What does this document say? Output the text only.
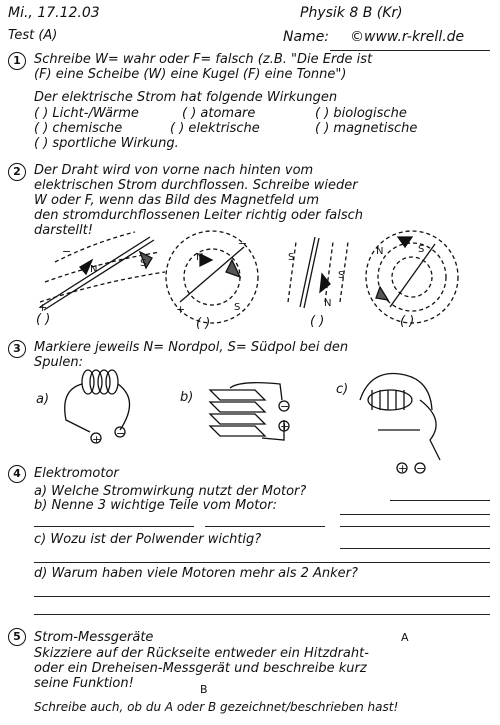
Mi., 17.12.03	Physik 8 B (Kr)
Test (A)	Name: ©www.r-krell.de
1	Schreibe W= wahr oder F= falsch (z.B. "Die Erde ist
(F) eine Scheibe (W) eine Kugel (F) eine Tonne")
Der elektrische Strom hat folgende Wirkungen
( ) Licht-/Wärme	( ) atomare	( ) biologische
( ) chemische	( ) elektrische	( ) magnetische
( ) sportliche Wirkung.
2	Der Draht wird von vorne nach hinten vom
elektrischen Strom durchflossen. Schreibe wieder
W oder F, wenn das Bild des Magnetfeld um
den stromdurchflossenen Leiter richtig oder falsch
darstellt!
−
N
S
+
( )
−
N
S
+
( )
S
S
N
( )
N	S
( )
3	Markiere jeweils N= Nordpol, S= Südpol bei den
Spulen:
a)	b)
c)
+ −
−
+
+ −
4	Elektromotor
a) Welche Stromwirkung nutzt der Motor?
b) Nenne 3 wichtige Teile vom Motor:
c) Wozu ist der Polwender wichtig?
d) Warum haben viele Motoren mehr als 2 Anker?
5	Strom-Messgeräte	A
Skizziere auf der Rückseite entweder ein Hitzdraht-
oder ein Dreheisen-Messgerät und beschreibe kurz
seine Funktion!	B
Schreibe auch, ob du A oder B gezeichnet/beschrieben hast!
